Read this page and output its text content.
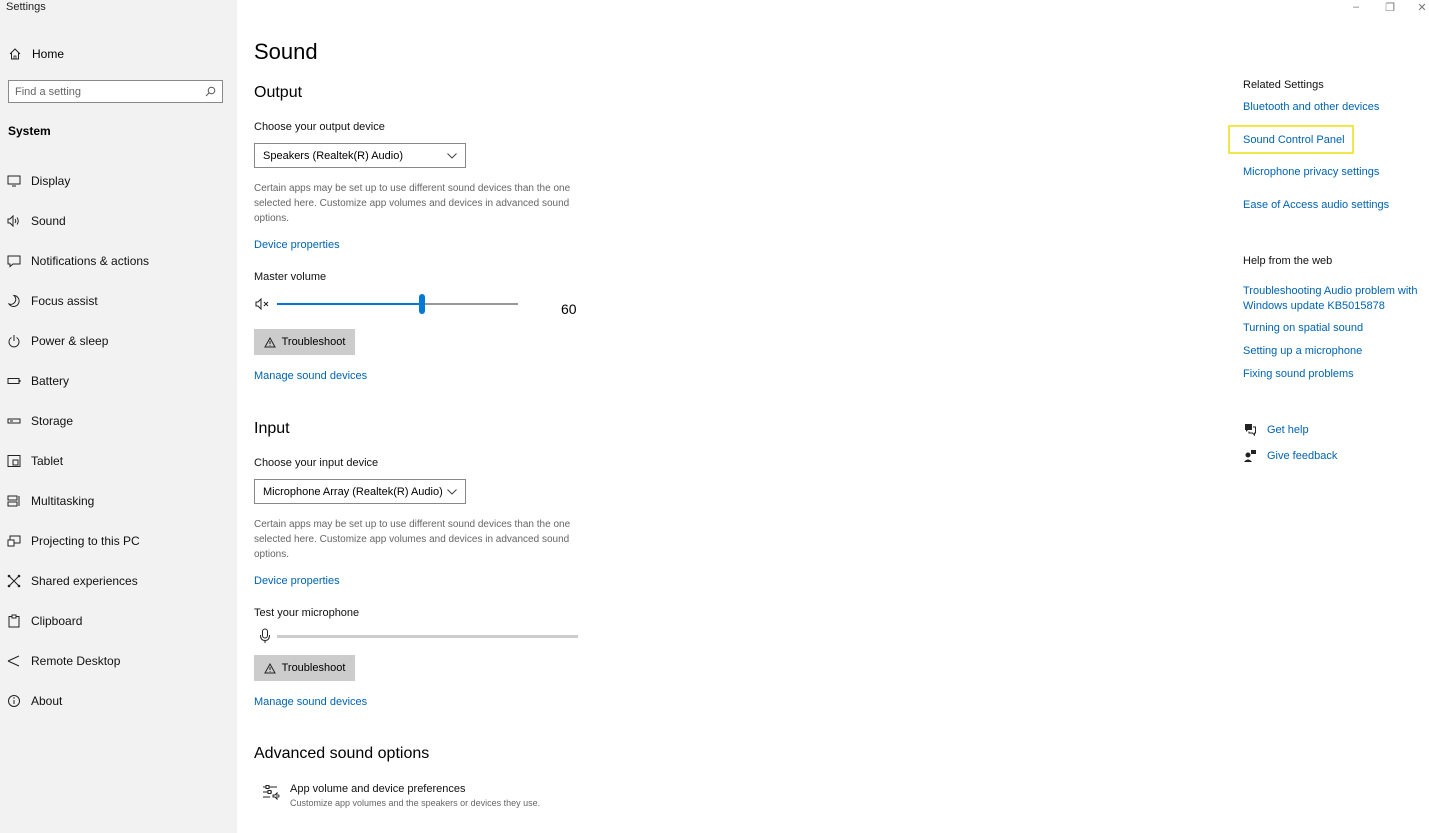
–	❐	✕
Settings
Home
Find a setting
System
Display
Sound
Notifications & actions
Focus assist
Power & sleep
Battery
Storage
Tablet
Multitasking
Projecting to this PC
Shared experiences
Clipboard
Remote Desktop
About
Sound
Output
Choose your output device
Speakers (Realtek(R) Audio)
Certain apps may be set up to use different sound devices than the one selected here. Customize app volumes and devices in advanced sound options.
Device properties
Master volume
60
Troubleshoot
Manage sound devices
Input
Choose your input device
Microphone Array (Realtek(R) Audio)
Certain apps may be set up to use different sound devices than the one selected here. Customize app volumes and devices in advanced sound options.
Device properties
Test your microphone
Troubleshoot
Manage sound devices
Advanced sound options
App volume and device preferences
Customize app volumes and the speakers or devices they use.
Related Settings
Bluetooth and other devices
Sound Control Panel
Microphone privacy settings
Ease of Access audio settings
Help from the web
Troubleshooting Audio problem with Windows update KB5015878
Turning on spatial sound
Setting up a microphone
Fixing sound problems
Get help
Give feedback
